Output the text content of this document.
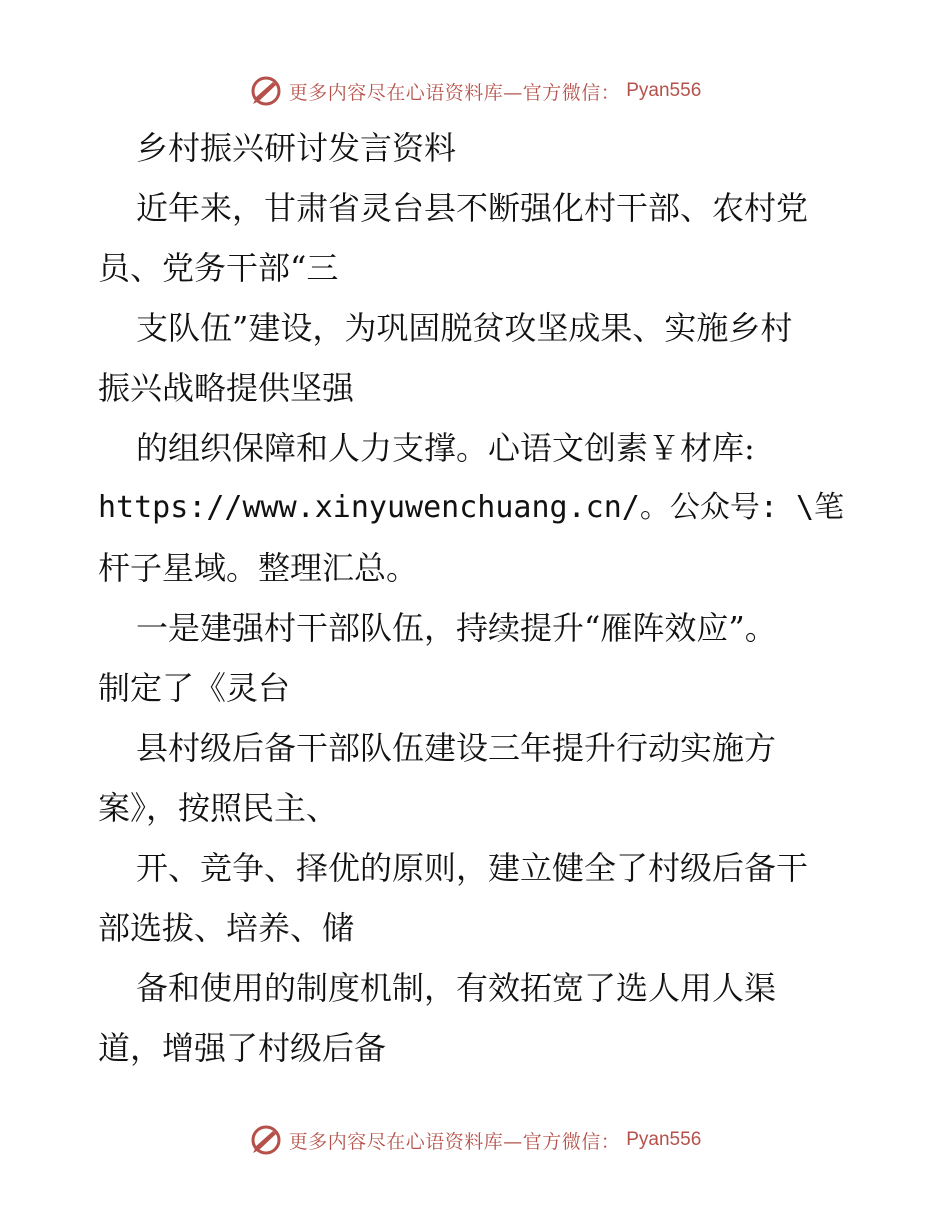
更多内容尽在心语资料库—官方微信： Pyan556
乡村振兴研讨发言资料
近年来，甘肃省灵台县不断强化村干部、农村党
员、党务干部“三
支队伍”建设，为巩固脱贫攻坚成果、实施乡村
振兴战略提供坚强
的组织保障和人力支撑。心语文创素￥材库:
https://www.xinyuwenchuang.cn/。公众号: \笔
杆子星域。整理汇总。
一是建强村干部队伍，持续提升“雁阵效应”。
制定了《灵台
县村级后备干部队伍建设三年提升行动实施方
案》，按照民主、
开、竞争、择优的原则，建立健全了村级后备干
部选拔、培养、储
备和使用的制度机制，有效拓宽了选人用人渠
道，增强了村级后备
更多内容尽在心语资料库—官方微信： Pyan556
